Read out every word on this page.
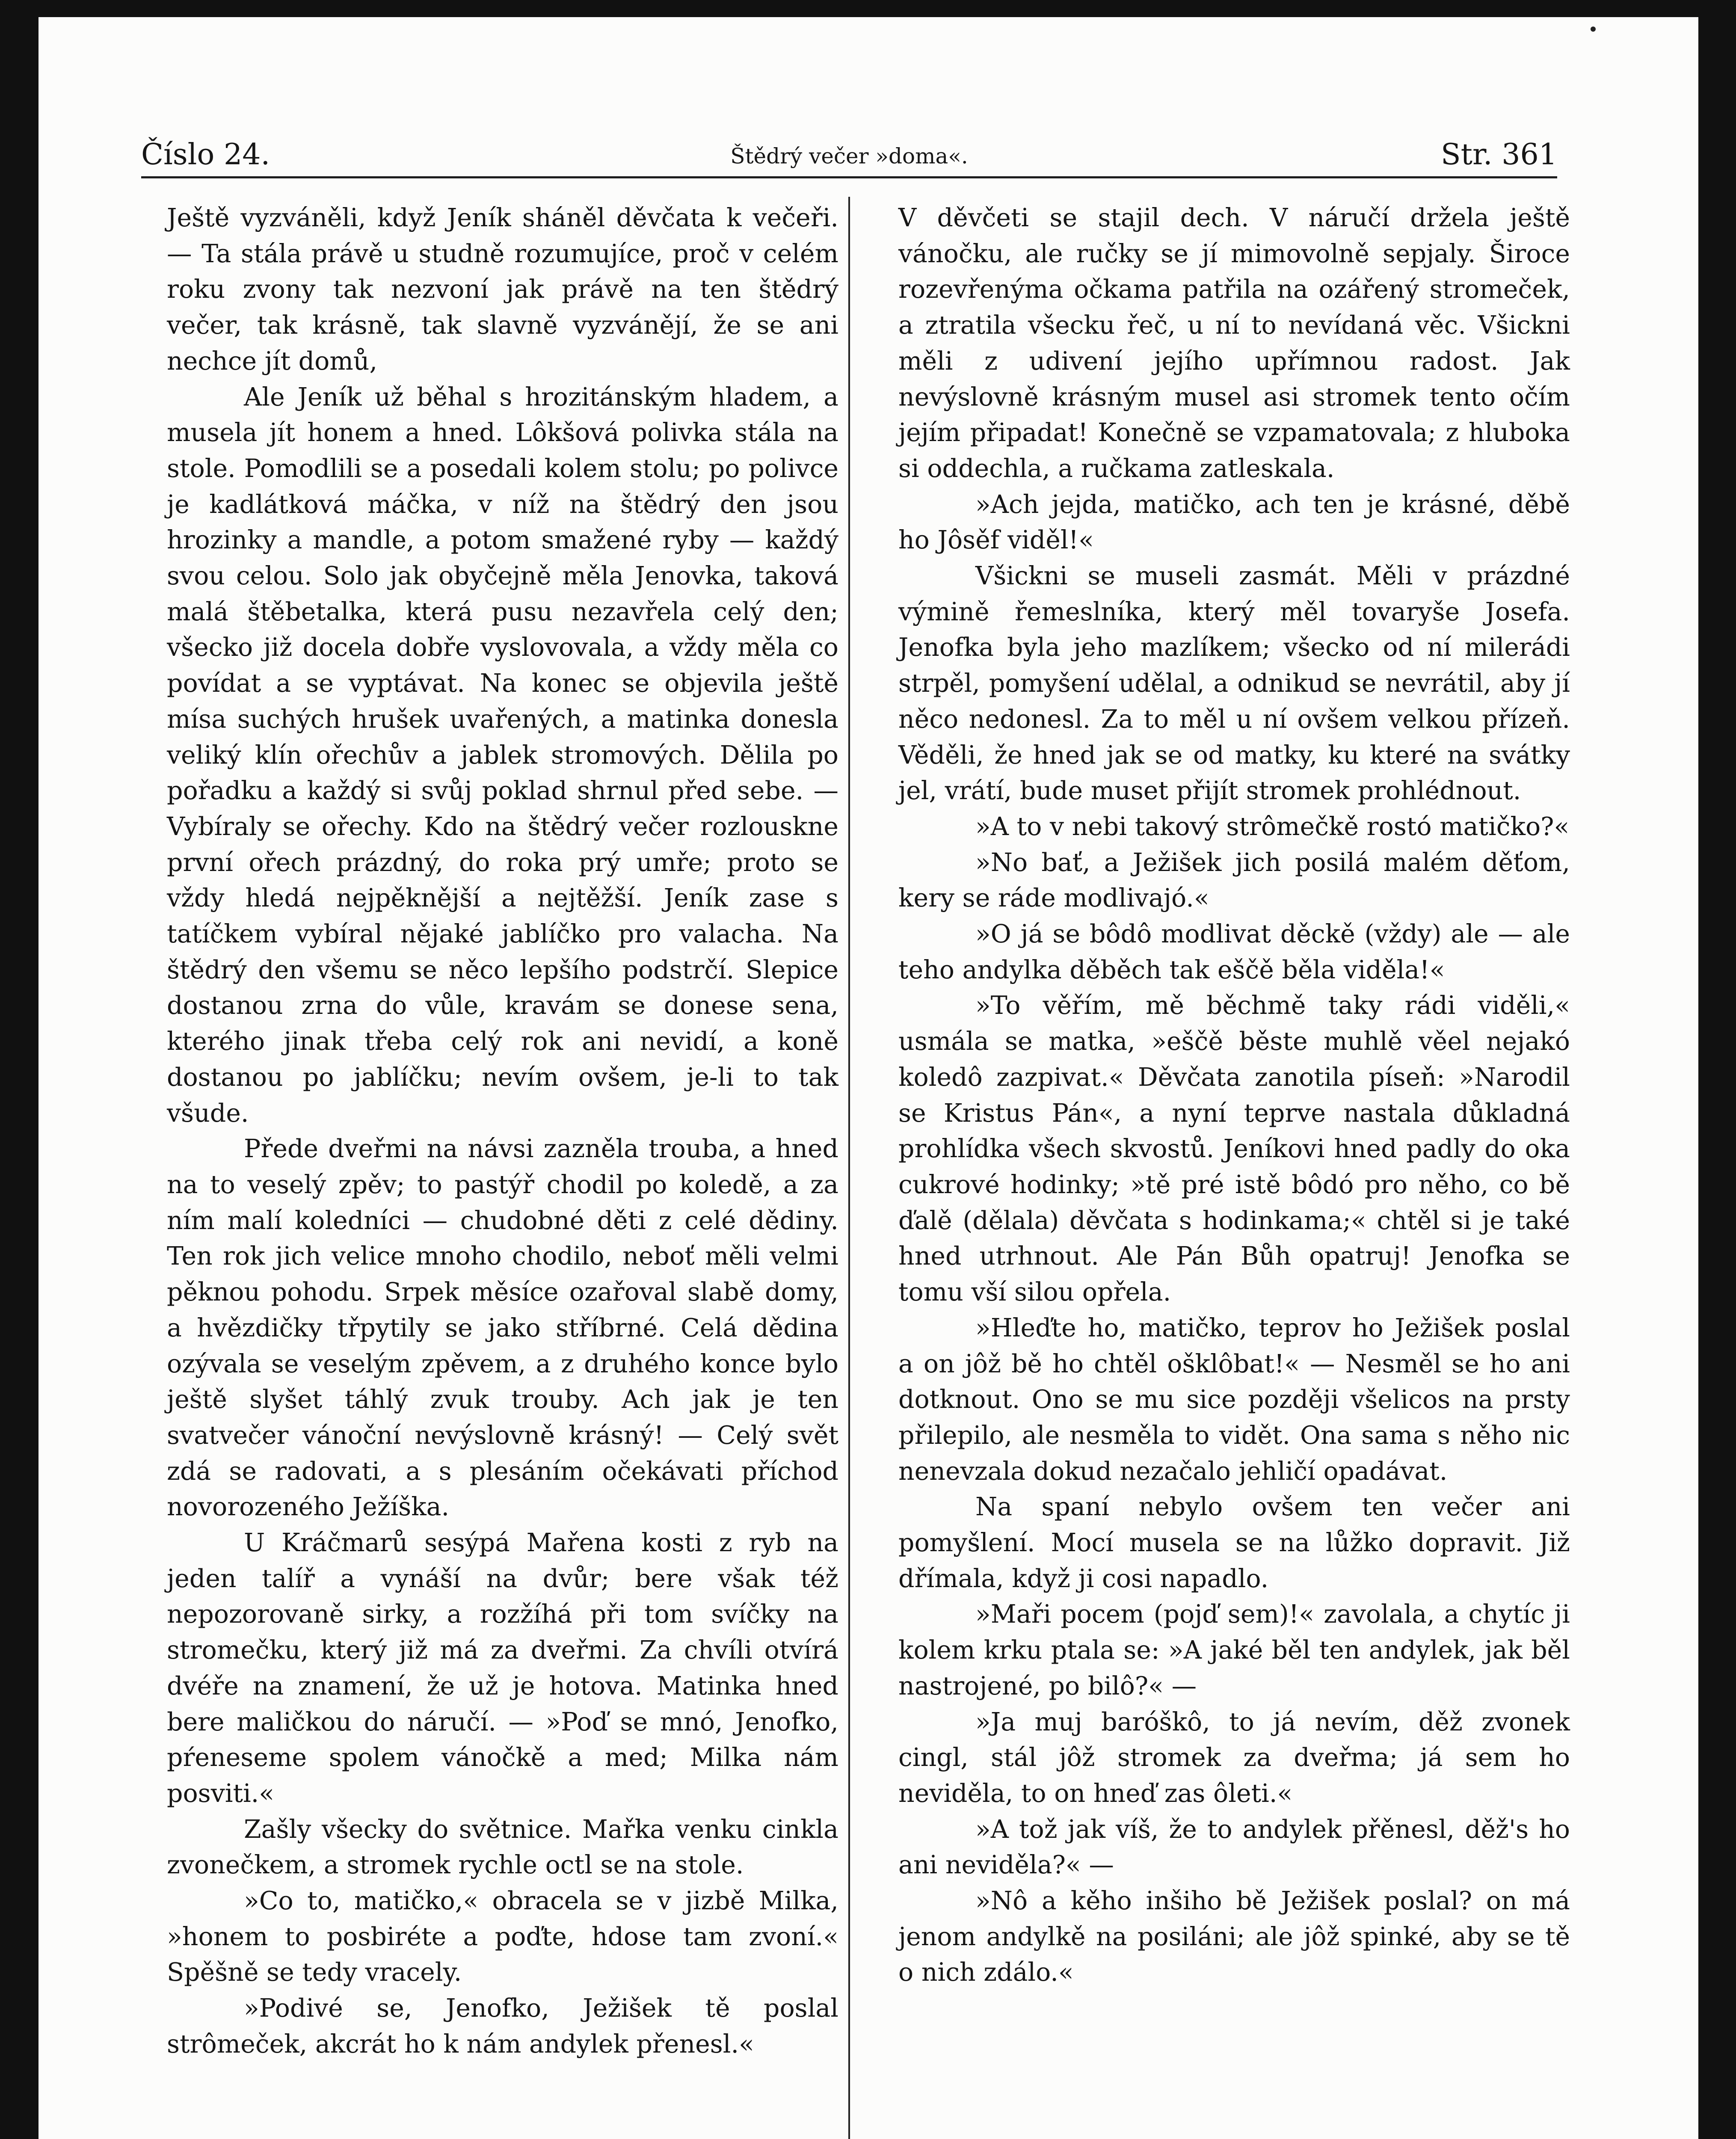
Číslo 24.	Štědrý večer »doma«.	Str. 361

Ještě vyzváněli, když Jeník sháněl děvčata k večeři. — Ta stála právě u studně rozumujíce, proč v celém roku zvony tak nezvoní jak právě na ten štědrý večer, tak krásně, tak slavně vyzvánějí, že se ani nechce jít domů,

Ale Jeník už běhal s hrozitánským hladem, a musela jít honem a hned. Lôkšová polivka stála na stole. Pomodlili se a posedali kolem stolu; po polivce je kadlátková máčka, v níž na štědrý den jsou hrozinky a mandle, a potom smažené ryby — každý svou celou. Solo jak obyčejně měla Jenovka, taková malá štěbetalka, která pusu nezavřela celý den; všecko již docela dobře vyslovovala, a vždy měla co povídat a se vyptávat. Na konec se objevila ještě mísa suchých hrušek uvařených, a matinka donesla veliký klín ořechův a jablek stromových. Dělila po pořadku a každý si svůj poklad shrnul před sebe. — Vybíraly se ořechy. Kdo na štědrý večer rozlouskne první ořech prázdný, do roka prý umře; proto se vždy hledá nejpěknější a nejtěžší. Jeník zase s tatíčkem vybíral nějaké jablíčko pro valacha. Na štědrý den všemu se něco lepšího podstrčí. Slepice dostanou zrna do vůle, kravám se donese sena, kterého jinak třeba celý rok ani nevidí, a koně dostanou po jablíčku; nevím ovšem, je-li to tak všude.

Přede dveřmi na návsi zazněla trouba, a hned na to veselý zpěv; to pastýř chodil po koledě, a za ním malí koledníci — chudobné děti z celé dědiny. Ten rok jich velice mnoho chodilo, neboť měli velmi pěknou pohodu. Srpek měsíce ozařoval slabě domy, a hvězdičky třpytily se jako stříbrné. Celá dědina ozývala se veselým zpěvem, a z druhého konce bylo ještě slyšet táhlý zvuk trouby. Ach jak je ten svatvečer vánoční nevýslovně krásný! — Celý svět zdá se radovati, a s plesáním očekávati příchod novorozeného Ježíška.

U Kráčmarů sesýpá Mařena kosti z ryb na jeden talíř a vynáší na dvůr; bere však též nepozorovaně sirky, a rozžíhá při tom svíčky na stromečku, který již má za dveřmi. Za chvíli otvírá dvéře na znamení, že už je hotova. Matinka hned bere maličkou do náručí. — »Poď se mnó, Jenofko, pŕeneseme spolem vánočkě a med; Milka nám posviti.«

Zašly všecky do světnice. Mařka venku cinkla zvonečkem, a stromek rychle octl se na stole.

»Co to, matičko,« obracela se v jizbě Milka, »honem to posbiréte a poďte, hdose tam zvoní.« Spěšně se tedy vracely.

»Podivé se, Jenofko, Ježišek tě poslal strômeček, akcrát ho k nám andylek přenesl.«

V děvčeti se stajil dech. V náručí držela ještě vánočku, ale ručky se jí mimovolně sepjaly. Široce rozevřenýma očkama patřila na ozářený stromeček, a ztratila všecku řeč, u ní to nevídaná věc. Všickni měli z udivení jejího upřímnou radost. Jak nevýslovně krásným musel asi stromek tento očím jejím připadat! Konečně se vzpamatovala; z hluboka si oddechla, a ručkama zatleskala.

»Ach jejda, matičko, ach ten je krásné, děbě ho Jôsěf viděl!«

Všickni se museli zasmát. Měli v prázdné výmině řemeslníka, který měl tovaryše Josefa. Jenofka byla jeho mazlíkem; všecko od ní milerádi strpěl, pomyšení udělal, a odnikud se nevrátil, aby jí něco nedonesl. Za to měl u ní ovšem velkou přízeň. Věděli, že hned jak se od matky, ku které na svátky jel, vrátí, bude muset přijít stromek prohlédnout.

»A to v nebi takový strômečkě rostó matičko?«

»No bať, a Ježišek jich posilá malém děťom, kery se ráde modlivajó.«

»O já se bôdô modlivat děckě (vždy) ale — ale teho andylka děběch tak eščě běla viděla!«

»To věřím, mě běchmě taky rádi viděli,« usmála se matka, »eščě běste muhlě věel nejakó koledô zazpivat.« Děvčata zanotila píseň: »Narodil se Kristus Pán«, a nyní teprve nastala důkladná prohlídka všech skvostů. Jeníkovi hned padly do oka cukrové hodinky; »tě pré istě bôdó pro něho, co bě ďalě (dělala) děvčata s hodinkama;« chtěl si je také hned utrhnout. Ale Pán Bůh opatruj! Jenofka se tomu vší silou opřela.

»Hleďte ho, matičko, teprov ho Ježišek poslal a on jôž bě ho chtěl ošklôbat!« — Nesměl se ho ani dotknout. Ono se mu sice později všelicos na prsty přilepilo, ale nesměla to vidět. Ona sama s něho nic nenevzala dokud nezačalo jehličí opadávat.

Na spaní nebylo ovšem ten večer ani pomyšlení. Mocí musela se na lůžko dopravit. Již dřímala, když ji cosi napadlo.

»Maři pocem (pojď sem)!« zavolala, a chytíc ji kolem krku ptala se: »A jaké běl ten andylek, jak běl nastrojené, po bilô?« —

»Ja muj baróškô, to já nevím, děž zvonek cingl, stál jôž stromek za dveřma; já sem ho neviděla, to on hneď zas ôleti.«

»A tož jak víš, že to andylek přěnesl, děž's ho ani neviděla?« —

»Nô a kěho inšiho bě Ježišek poslal? on má jenom andylkě na posiláni; ale jôž spinké, aby se tě o nich zdálo.«
